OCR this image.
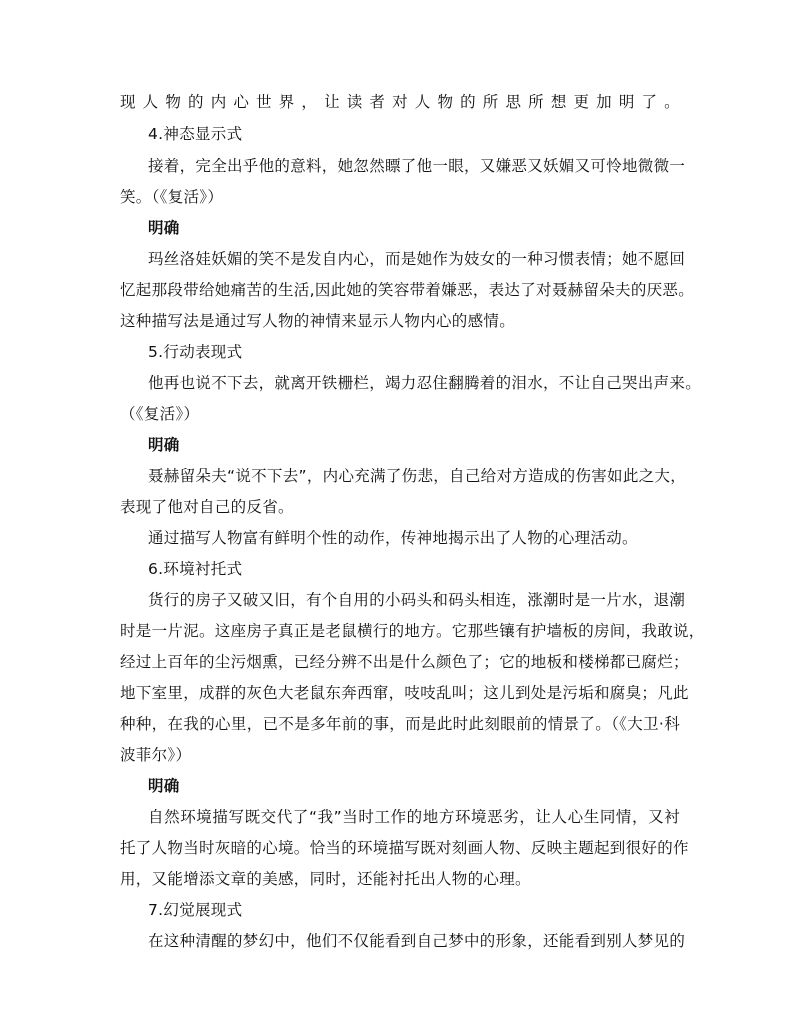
现人物的内心世界，让读者对人物的所思所想更加明了。
4.神态显示式
接着，完全出乎他的意料，她忽然瞟了他一眼，又嫌恶又妖媚又可怜地微微一
笑。（《复活》）
明确
玛丝洛娃妖媚的笑不是发自内心，而是她作为妓女的一种习惯表情；她不愿回
忆起那段带给她痛苦的生活,因此她的笑容带着嫌恶，表达了对聂赫留朵夫的厌恶。
这种描写法是通过写人物的神情来显示人物内心的感情。
5.行动表现式
他再也说不下去，就离开铁栅栏，竭力忍住翻腾着的泪水，不让自己哭出声来。
（《复活》）
明确
聂赫留朵夫“说不下去”，内心充满了伤悲，自己给对方造成的伤害如此之大，
表现了他对自己的反省。
通过描写人物富有鲜明个性的动作，传神地揭示出了人物的心理活动。
6.环境衬托式
货行的房子又破又旧，有个自用的小码头和码头相连，涨潮时是一片水，退潮
时是一片泥。这座房子真正是老鼠横行的地方。它那些镶有护墙板的房间，我敢说，
经过上百年的尘污烟熏，已经分辨不出是什么颜色了；它的地板和楼梯都已腐烂；
地下室里，成群的灰色大老鼠东奔西窜，吱吱乱叫；这儿到处是污垢和腐臭；凡此
种种，在我的心里，已不是多年前的事，而是此时此刻眼前的情景了。（《大卫·科
波菲尔》）
明确
自然环境描写既交代了“我”当时工作的地方环境恶劣，让人心生同情，又衬
托了人物当时灰暗的心境。恰当的环境描写既对刻画人物、反映主题起到很好的作
用，又能增添文章的美感，同时，还能衬托出人物的心理。
7.幻觉展现式
在这种清醒的梦幻中，他们不仅能看到自己梦中的形象，还能看到别人梦见的
